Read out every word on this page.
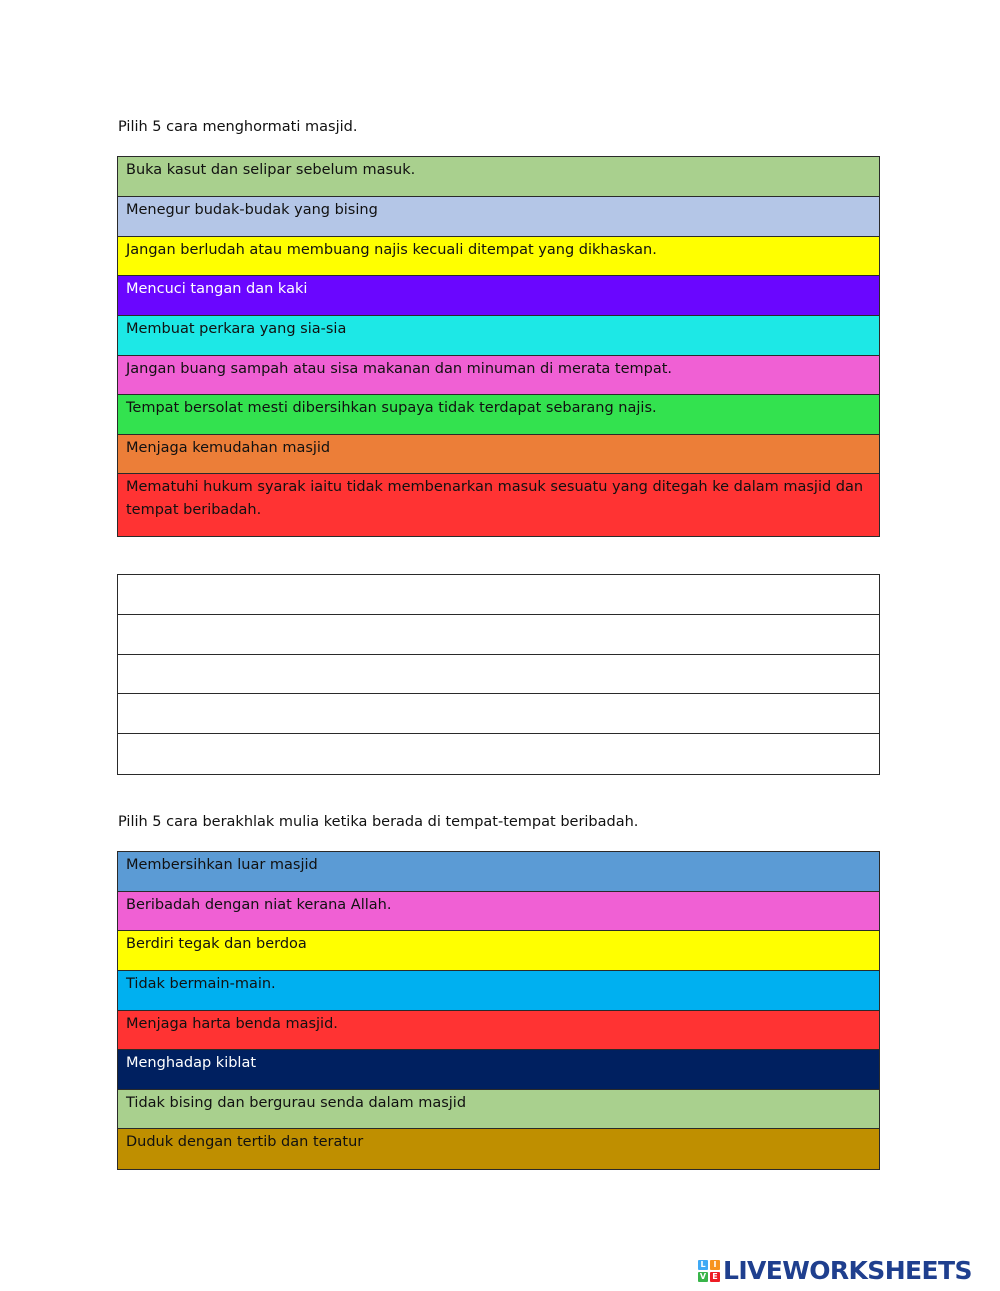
Pilih 5 cara menghormati masjid.

Buka kasut dan selipar sebelum masuk.
Menegur budak-budak yang bising
Jangan berludah atau membuang najis kecuali ditempat yang dikhaskan.
Mencuci tangan dan kaki
Membuat perkara yang sia-sia
Jangan buang sampah atau sisa makanan dan minuman di merata tempat.
Tempat bersolat mesti dibersihkan supaya tidak terdapat sebarang najis.
Menjaga kemudahan masjid
Mematuhi hukum syarak iaitu tidak membenarkan masuk sesuatu yang ditegah ke dalam masjid dan tempat beribadah.

Pilih 5 cara berakhlak mulia ketika berada di tempat-tempat beribadah.

Membersihkan luar masjid
Beribadah dengan niat kerana Allah.
Berdiri tegak dan berdoa
Tidak bermain-main.
Menjaga harta benda masjid.
Menghadap kiblat
Tidak bising dan bergurau senda dalam masjid
Duduk dengan tertib dan teratur
L I
V E LIVEWORKSHEETS
